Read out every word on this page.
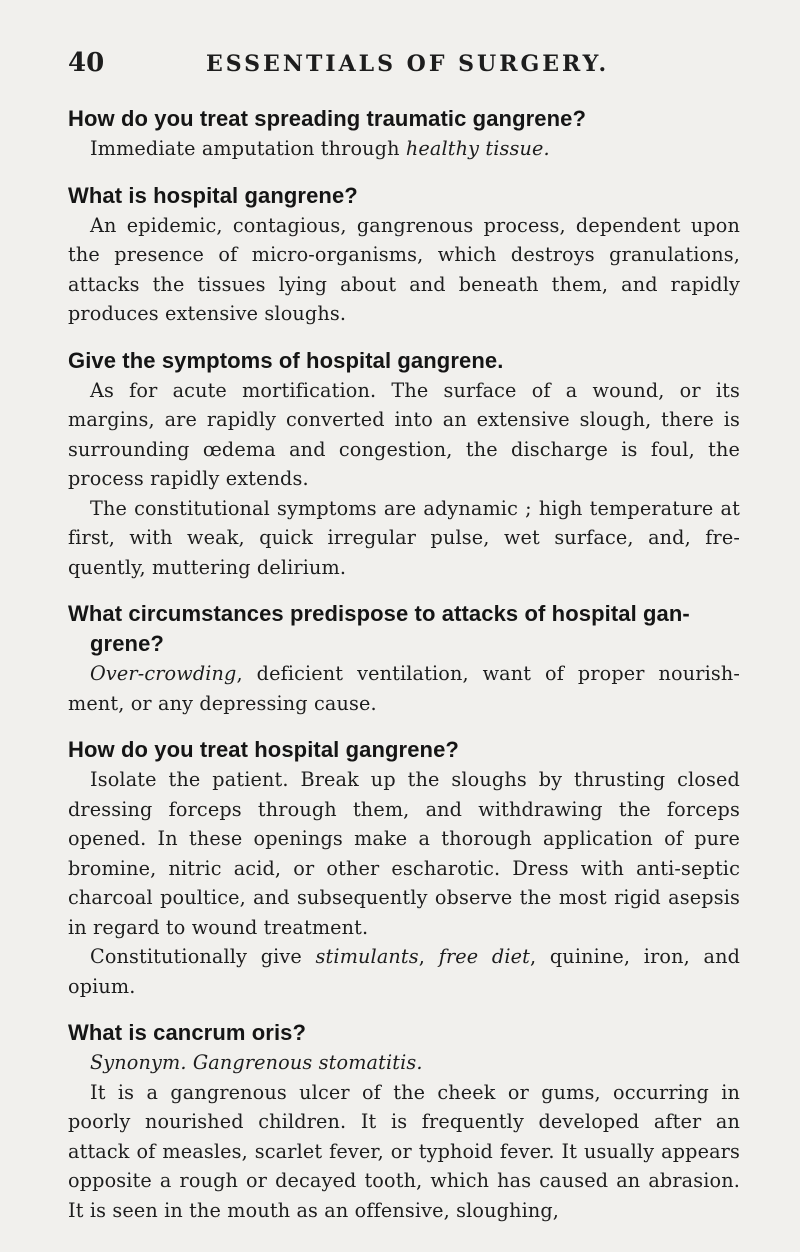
40	ESSENTIALS OF SURGERY.

How do you treat spreading traumatic gangrene?

Immediate amputation through healthy tissue.

What is hospital gangrene?

An epidemic, contagious, gangrenous process, dependent upon the presence of micro-organisms, which destroys granulations, attacks the tissues lying about and beneath them, and rapidly produces extensive sloughs.

Give the symptoms of hospital gangrene.

As for acute mortification. The surface of a wound, or its margins, are rapidly converted into an extensive slough, there is surrounding œdema and congestion, the discharge is foul, the process rapidly extends.

The constitutional symptoms are adynamic ; high temperature at first, with weak, quick irregular pulse, wet surface, and, fre-quently, muttering delirium.

What circumstances predispose to attacks of hospital gan-grene?

Over-crowding, deficient ventilation, want of proper nourish-ment, or any depressing cause.

How do you treat hospital gangrene?

Isolate the patient. Break up the sloughs by thrusting closed dressing forceps through them, and withdrawing the forceps opened. In these openings make a thorough application of pure bromine, nitric acid, or other escharotic. Dress with anti-septic charcoal poultice, and subsequently observe the most rigid asepsis in regard to wound treatment.

Constitutionally give stimulants, free diet, quinine, iron, and opium.

What is cancrum oris?

Synonym. Gangrenous stomatitis.

It is a gangrenous ulcer of the cheek or gums, occurring in poorly nourished children. It is frequently developed after an attack of measles, scarlet fever, or typhoid fever. It usually appears opposite a rough or decayed tooth, which has caused an abrasion. It is seen in the mouth as an offensive, sloughing,
